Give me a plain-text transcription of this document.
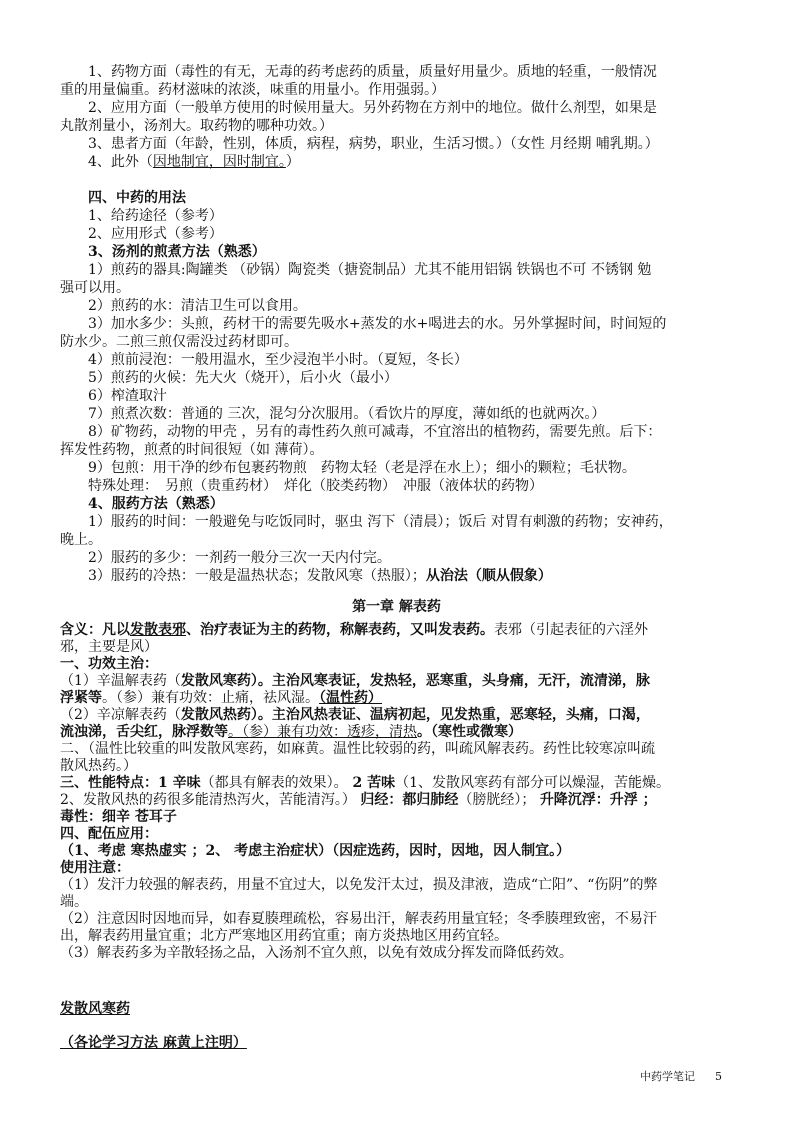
1、药物方面（毒性的有无，无毒的药考虑药的质量，质量好用量少。质地的轻重，一般情况
重的用量偏重。药材滋味的浓淡，味重的用量小。作用强弱。）
2、应用方面（一般单方使用的时候用量大。另外药物在方剂中的地位。做什么剂型，如果是
丸散剂量小，汤剂大。取药物的哪种功效。）
3、患者方面（年龄，性别，体质，病程，病势，职业，生活习惯。）（女性 月经期 哺乳期。）
4、此外（因地制宜，因时制宜。）
四、中药的用法
1、给药途径（参考）
2、应用形式（参考）
3、汤剂的煎煮方法（熟悉）
1）煎药的器具:陶罐类 （砂锅）陶瓷类（搪瓷制品）尤其不能用铝锅 铁锅也不可 不锈钢 勉
强可以用。
2）煎药的水：清洁卫生可以食用。
3）加水多少：头煎，药材干的需要先吸水+蒸发的水+喝进去的水。另外掌握时间，时间短的
防水少。二煎三煎仅需没过药材即可。
4）煎前浸泡：一般用温水，至少浸泡半小时。（夏短，冬长）
5）煎药的火候：先大火（烧开），后小火（最小）
6）榨渣取汁
7）煎煮次数：普通的 三次，混匀分次服用。（看饮片的厚度，薄如纸的也就两次。）
8）矿物药，动物的甲壳 ，另有的毒性药久煎可减毒，不宜溶出的植物药，需要先煎。后下：
挥发性药物，煎煮的时间很短（如 薄荷）。
9）包煎：用干净的纱布包裹药物煎　药物太轻（老是浮在水上）；细小的颗粒；毛状物。
特殊处理：　另煎（贵重药材）　烊化（胶类药物）　冲服（液体状的药物）
4、服药方法（熟悉）
1）服药的时间：一般避免与吃饭同时，驱虫 泻下（清晨）；饭后 对胃有刺激的药物；安神药，
晚上。
2）服药的多少：一剂药一般分三次一天内付完。
3）服药的冷热：一般是温热状态；发散风寒（热服）；从治法（顺从假象）
第一章 解表药
含义：凡以发散表邪、治疗表证为主的药物，称解表药，又叫发表药。表邪（引起表征的六淫外
邪，主要是风）
一、功效主治：
（1）辛温解表药（发散风寒药）。主治风寒表证，发热轻，恶寒重，头身痛，无汗，流清涕，脉
浮紧等。（参）兼有功效：止痛，祛风湿。（温性药）
（2）辛凉解表药（发散风热药）。主治风热表证、温病初起，见发热重，恶寒轻，头痛，口渴，
流浊涕，舌尖红，脉浮数等。（参）兼有功效：透疹，清热。（寒性或微寒）
二、（温性比较重的叫发散风寒药，如麻黄。温性比较弱的药，叫疏风解表药。药性比较寒凉叫疏
散风热药。）
三、性能特点：1 辛味（都具有解表的效果）。 2 苦味（1、发散风寒药有部分可以燥湿，苦能燥。
2、发散风热的药很多能清热泻火，苦能清泻。） 归经：都归肺经（膀胱经）； 升降沉浮：升浮 ；
毒性：细辛 苍耳子
四、配伍应用：
（1、考虑 寒热虚实 ；2、 考虑主治症状）（因症选药，因时，因地，因人制宜。）
使用注意：
（1）发汗力较强的解表药，用量不宜过大，以免发汗太过，损及津液，造成“亡阳”、“伤阴”的弊
端。
（2）注意因时因地而异，如春夏腠理疏松，容易出汗，解表药用量宜轻；冬季腠理致密，不易汗
出，解表药用量宜重；北方严寒地区用药宜重；南方炎热地区用药宜轻。
（3）解表药多为辛散轻扬之品，入汤剂不宜久煎，以免有效成分挥发而降低药效。
发散风寒药
（各论学习方法 麻黄上注明）
中药学笔记 5
